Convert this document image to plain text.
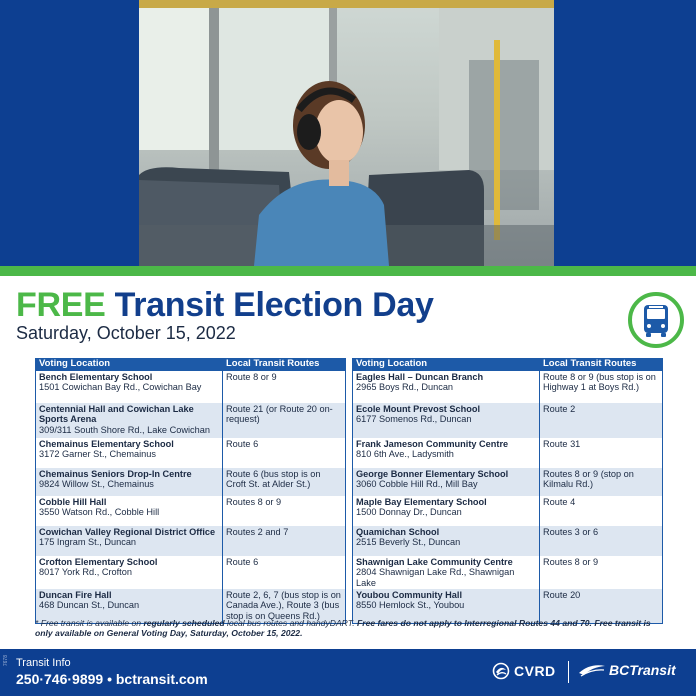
FREE Transit Election Day
Saturday, October 15, 2022
Voting Location	Local Transit Routes

Bench Elementary School
1501 Cowichan Bay Rd., Cowichan Bay	Route 8 or 9

Centennial Hall and Cowichan Lake Sports Arena
309/311 South Shore Rd., Lake Cowichan	Route 21 (or Route 20 on-request)

Chemainus Elementary School
3172 Garner St., Chemainus	Route 6

Chemainus Seniors Drop-In Centre
9824 Willow St., Chemainus	Route 6 (bus stop is on Croft St. at Alder St.)

Cobble Hill Hall
3550 Watson Rd., Cobble Hill	Routes 8 or 9

Cowichan Valley Regional District Office
175 Ingram St., Duncan	Routes 2 and 7

Crofton Elementary School
8017 York Rd., Crofton	Route 6

Duncan Fire Hall
468 Duncan St., Duncan	Route 2, 6, 7 (bus stop is on Canada Ave.), Route 3 (bus stop is on Queens Rd.)
Voting Location	Local Transit Routes

Eagles Hall – Duncan Branch
2965 Boys Rd., Duncan	Route 8 or 9 (bus stop is on Highway 1 at Boys Rd.)

Ecole Mount Prevost School
6177 Somenos Rd., Duncan	Route 2

Frank Jameson Community Centre
810 6th Ave., Ladysmith	Route 31

George Bonner Elementary School
3060 Cobble Hill Rd., Mill Bay	Routes 8 or 9 (stop on Kilmalu Rd.)

Maple Bay Elementary School
1500 Donnay Dr., Duncan	Route 4

Quamichan School
2515 Beverly St., Duncan	Routes 3 or 6

Shawnigan Lake Community Centre
2804 Shawnigan Lake Rd., Shawnigan Lake	Routes 8 or 9

Youbou Community Hall
8550 Hemlock St., Youbou	Route 20
* Free transit is available on regularly scheduled local bus routes and handyDART. Free fares do not apply to Interregional Routes 44 and 70. Free transit is only available on General Voting Day, Saturday, October 15, 2022.
7678 Transit Info
250·746·9899 • bctransit.com	CVRD	BCTransit
